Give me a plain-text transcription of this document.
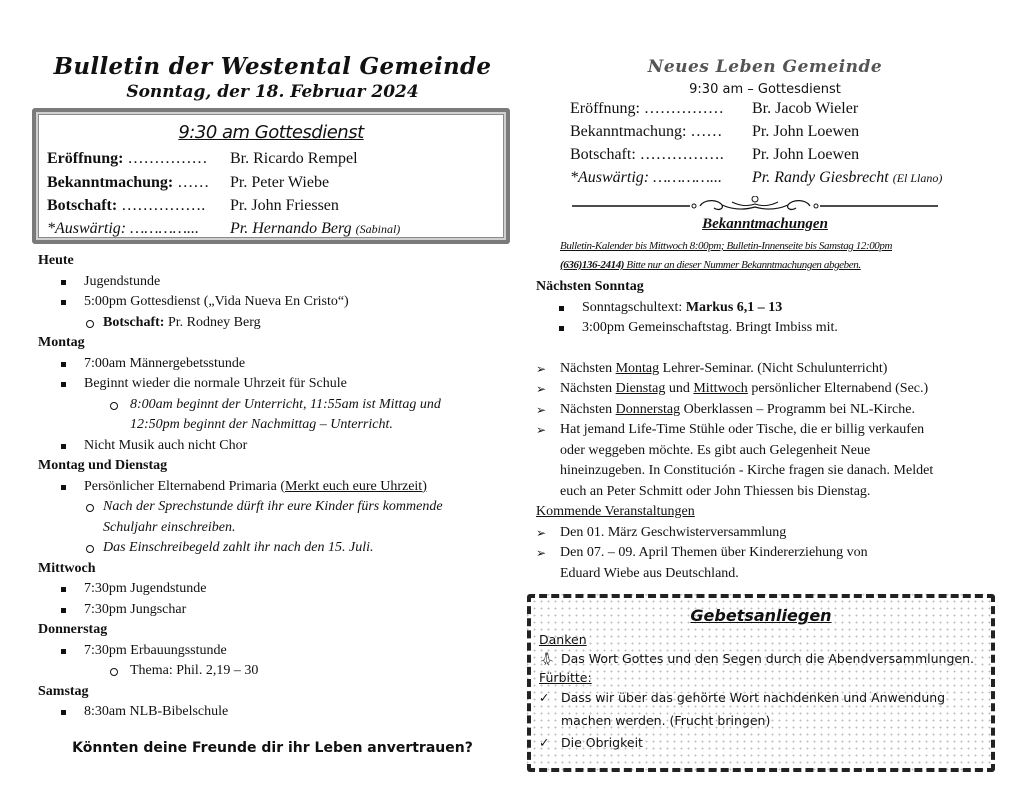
Bulletin der Westental Gemeinde
Sonntag, der 18. Februar 2024
9:30 am Gottesdienst
Eröffnung: …………… Br. Ricardo Rempel
Bekanntmachung: …… Pr. Peter Wiebe
Botschaft: ……………. Pr. John Friessen
*Auswärtig: …………... Pr. Hernando Berg (Sabinal)
Heute
Jugendstunde
5:00pm Gottesdienst („Vida Nueva En Cristo“)
Botschaft: Pr. Rodney Berg
Montag
7:00am Männergebetsstunde
Beginnt wieder die normale Uhrzeit für Schule
8:00am beginnt der Unterricht, 11:55am ist Mittag und
12:50pm beginnt der Nachmittag – Unterricht.
Nicht Musik auch nicht Chor
Montag und Dienstag
Persönlicher Elternabend Primaria (Merkt euch eure Uhrzeit)
Nach der Sprechstunde dürft ihr eure Kinder fürs kommende
Schuljahr einschreiben.
Das Einschreibegeld zahlt ihr nach den 15. Juli.
Mittwoch
7:30pm Jugendstunde
7:30pm Jungschar
Donnerstag
7:30pm Erbauungsstunde
Thema: Phil. 2,19 – 30
Samstag
8:30am NLB-Bibelschule
Könnten deine Freunde dir ihr Leben anvertrauen?
Neues Leben Gemeinde
9:30 am – Gottesdienst
Eröffnung: …………… Br. Jacob Wieler
Bekanntmachung: …… Pr. John Loewen
Botschaft: ……………. Pr. John Loewen
*Auswärtig: …………... Pr. Randy Giesbrecht (El Llano)
Bekanntmachungen
Bulletin-Kalender bis Mittwoch 8:00pm; Bulletin-Innenseite bis Samstag 12:00pm
(636)136-2414) Bitte nur an dieser Nummer Bekanntmachungen abgeben.
Nächsten Sonntag
Sonntagschultext: Markus 6,1 – 13
3:00pm Gemeinschaftstag. Bringt Imbiss mit.
➢ Nächsten Montag Lehrer-Seminar. (Nicht Schulunterricht)
➢ Nächsten Dienstag und Mittwoch persönlicher Elternabend (Sec.)
➢ Nächsten Donnerstag Oberklassen – Programm bei NL-Kirche.
➢ Hat jemand Life-Time Stühle oder Tische, die er billig verkaufen
oder weggeben möchte. Es gibt auch Gelegenheit Neue
hineinzugeben. In Constitución - Kirche fragen sie danach. Meldet
euch an Peter Schmitt oder John Thiessen bis Dienstag.
Kommende Veranstaltungen
➢ Den 01. März Geschwisterversammlung
➢ Den 07. – 09. April Themen über Kindererziehung von
Eduard Wiebe aus Deutschland.
Gebetsanliegen
Danken
🙏︎ Das Wort Gottes und den Segen durch die Abendversammlungen.
Fürbitte:
✓ Dass wir über das gehörte Wort nachdenken und Anwendung
machen werden. (Frucht bringen)
✓ Die Obrigkeit
